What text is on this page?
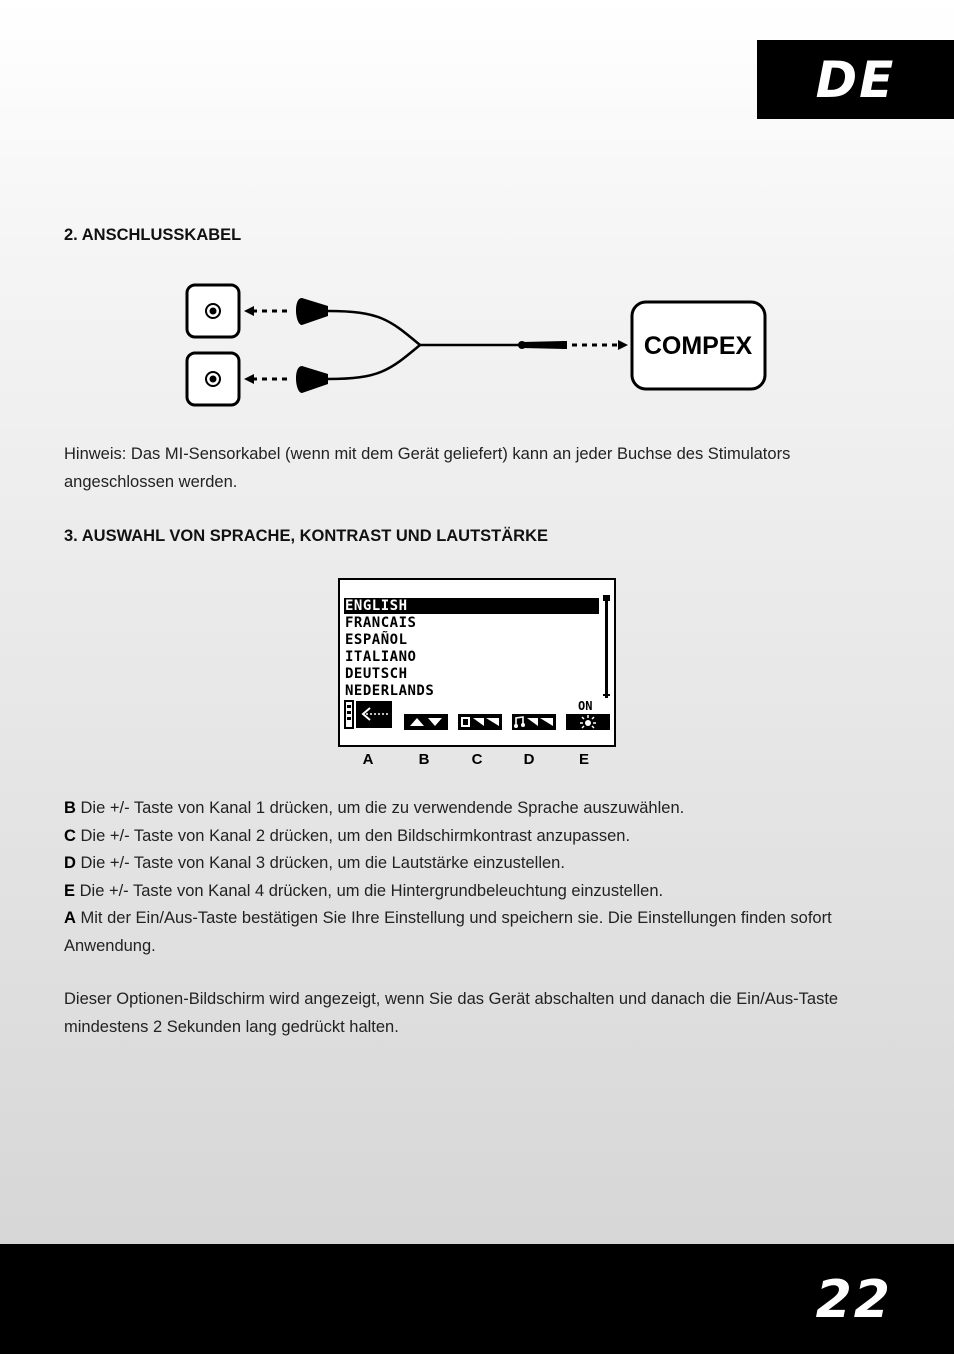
DE
2. ANSCHLUSSKABEL
COMPEX
Hinweis: Das MI-Sensorkabel (wenn mit dem Gerät geliefert) kann an jeder Buchse des Stimulators angeschlossen werden.
3. AUSWAHL VON SPRACHE, KONTRAST UND LAUTSTÄRKE
ENGLISH
FRANCAIS
ESPAÑOL
ITALIANO
DEUTSCH
NEDERLANDS
ON
A	B	C	D	E
B Die +/- Taste von Kanal 1 drücken, um die zu verwendende Sprache auszuwählen.
C Die +/- Taste von Kanal 2 drücken, um den Bildschirmkontrast anzupassen.
D Die +/- Taste von Kanal 3 drücken, um die Lautstärke einzustellen.
E Die +/- Taste von Kanal 4 drücken, um die Hintergrundbeleuchtung einzustellen.
A Mit der Ein/Aus-Taste bestätigen Sie Ihre Einstellung und speichern sie. Die Einstellungen finden sofort Anwendung.
Dieser Optionen-Bildschirm wird angezeigt, wenn Sie das Gerät abschalten und danach die Ein/Aus-Taste mindestens 2 Sekunden lang gedrückt halten.
22
